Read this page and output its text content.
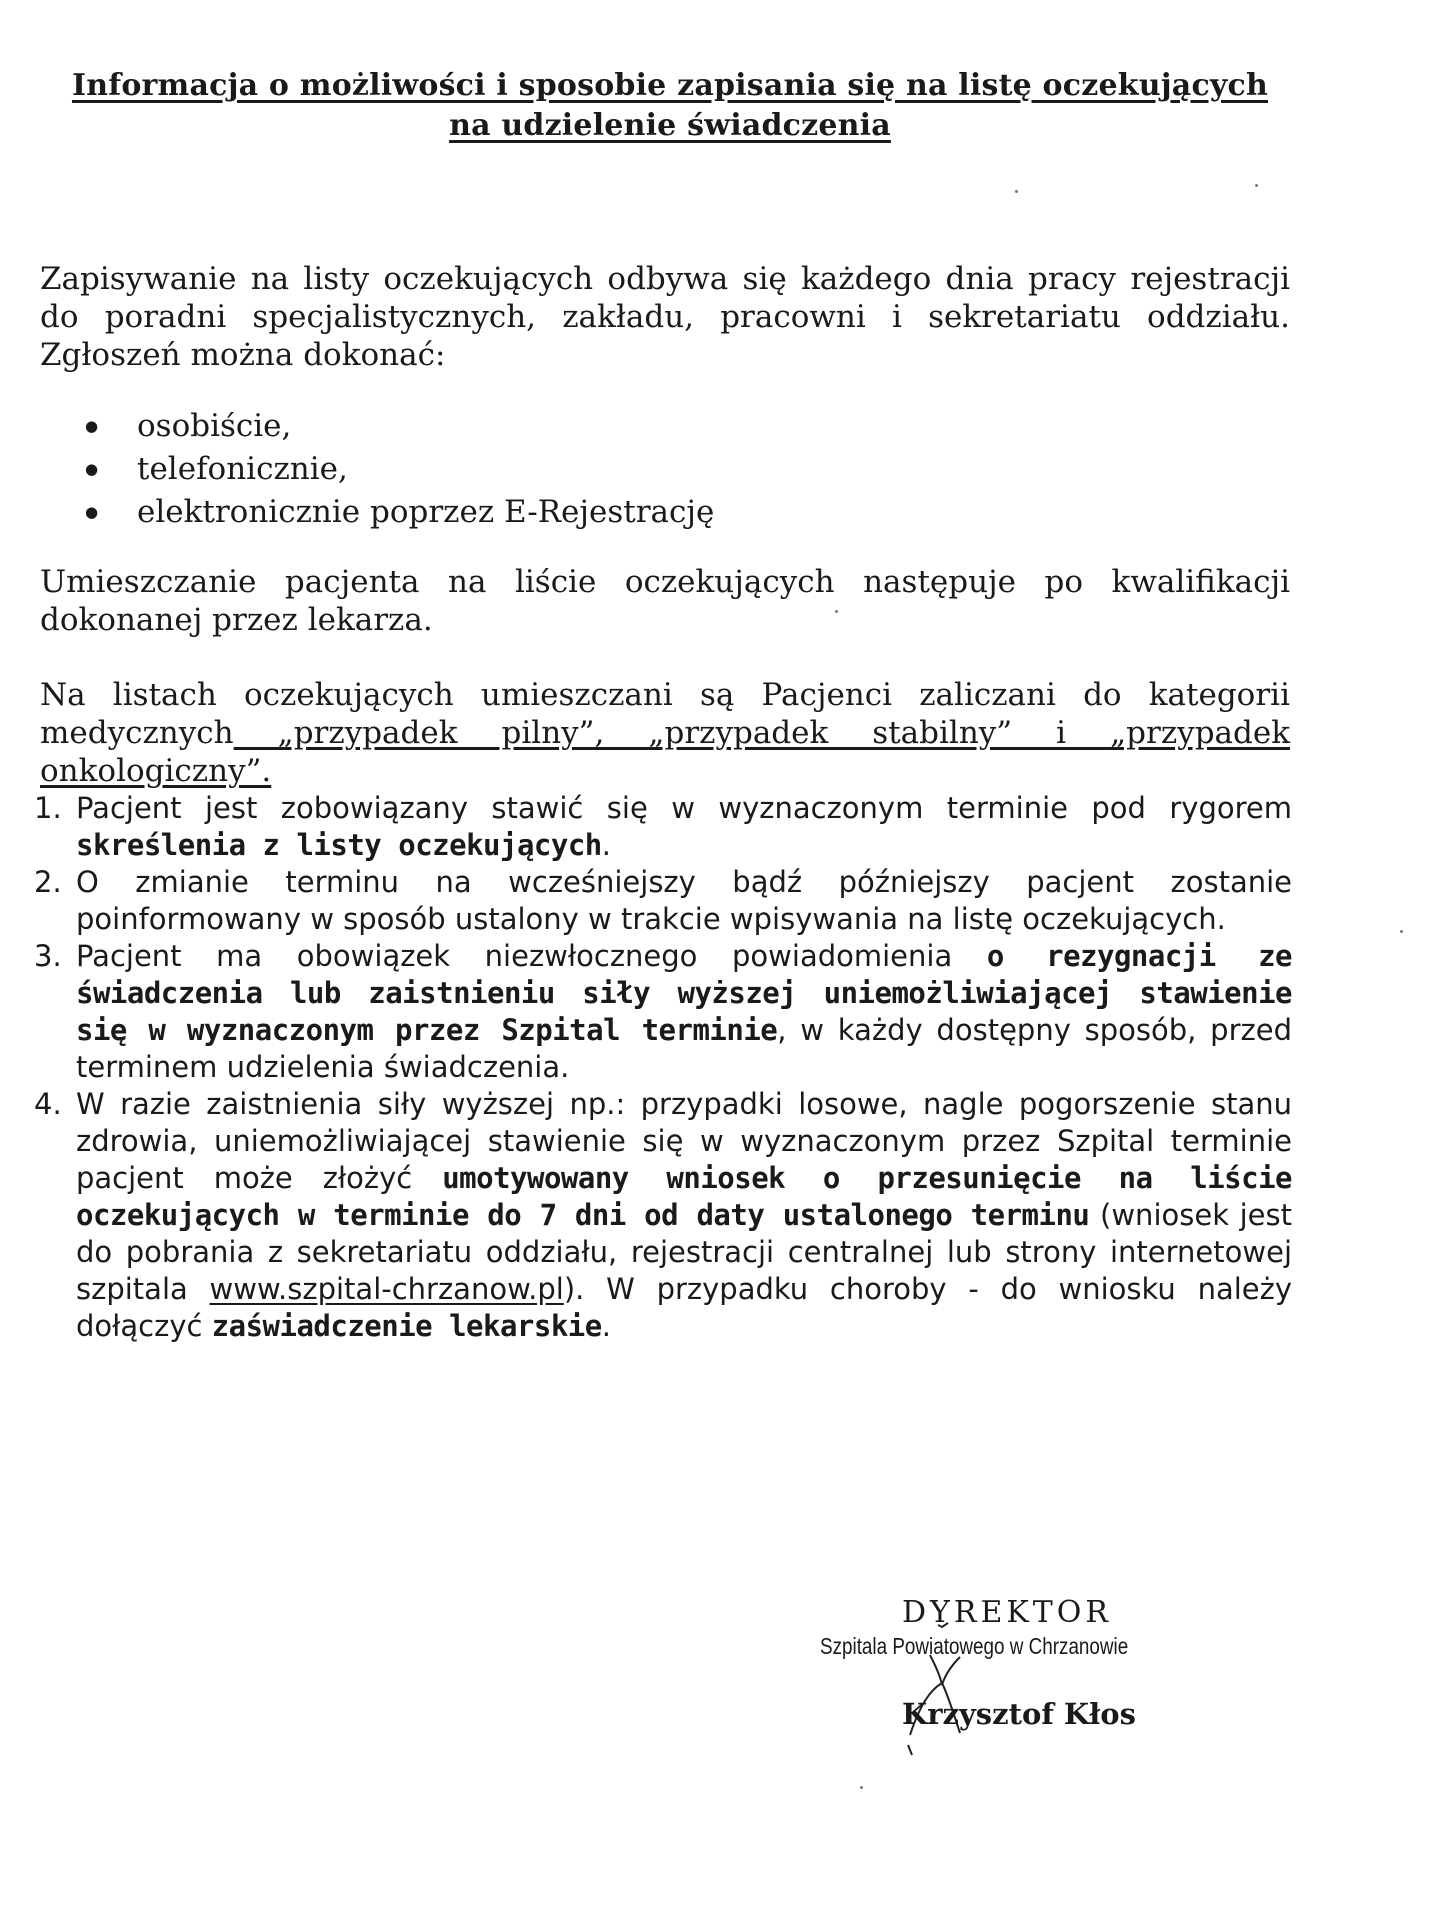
Informacja o możliwości i sposobie zapisania się na listę oczekujących
na udzielenie świadczenia
Zapisywanie na listy oczekujących odbywa się każdego dnia pracy rejestracji do poradni specjalistycznych, zakładu, pracowni i sekretariatu oddziału. Zgłoszeń można dokonać:
● osobiście,
● telefonicznie,
● elektronicznie poprzez E-Rejestrację
Umieszczanie pacjenta na liście oczekujących następuje po kwalifikacji dokonanej przez lekarza.
Na listach oczekujących umieszczani są Pacjenci zaliczani do kategorii medycznych „przypadek pilny”, „przypadek stabilny” i „przypadek onkologiczny”.
1. Pacjent jest zobowiązany stawić się w wyznaczonym terminie pod rygorem skreślenia z listy oczekujących.
2. O zmianie terminu na wcześniejszy bądź późniejszy pacjent zostanie poinformowany w sposób ustalony w trakcie wpisywania na listę oczekujących.
3. Pacjent ma obowiązek niezwłocznego powiadomienia o rezygnacji ze świadczenia lub zaistnieniu siły wyższej uniemożliwiającej stawienie się w wyznaczonym przez Szpital terminie, w każdy dostępny sposób, przed terminem udzielenia świadczenia.
4. W razie zaistnienia siły wyższej np.: przypadki losowe, nagle pogorszenie stanu zdrowia, uniemożliwiającej stawienie się w wyznaczonym przez Szpital terminie pacjent może złożyć umotywowany wniosek o przesunięcie na liście oczekujących w terminie do 7 dni od daty ustalonego terminu (wniosek jest do pobrania z sekretariatu oddziału, rejestracji centralnej lub strony internetowej szpitala www.szpital-chrzanow.pl). W przypadku choroby - do wniosku należy dołączyć zaświadczenie lekarskie.
DYREKTOR
Szpitala Powiatowego w Chrzanowie
Krzysztof Kłos
